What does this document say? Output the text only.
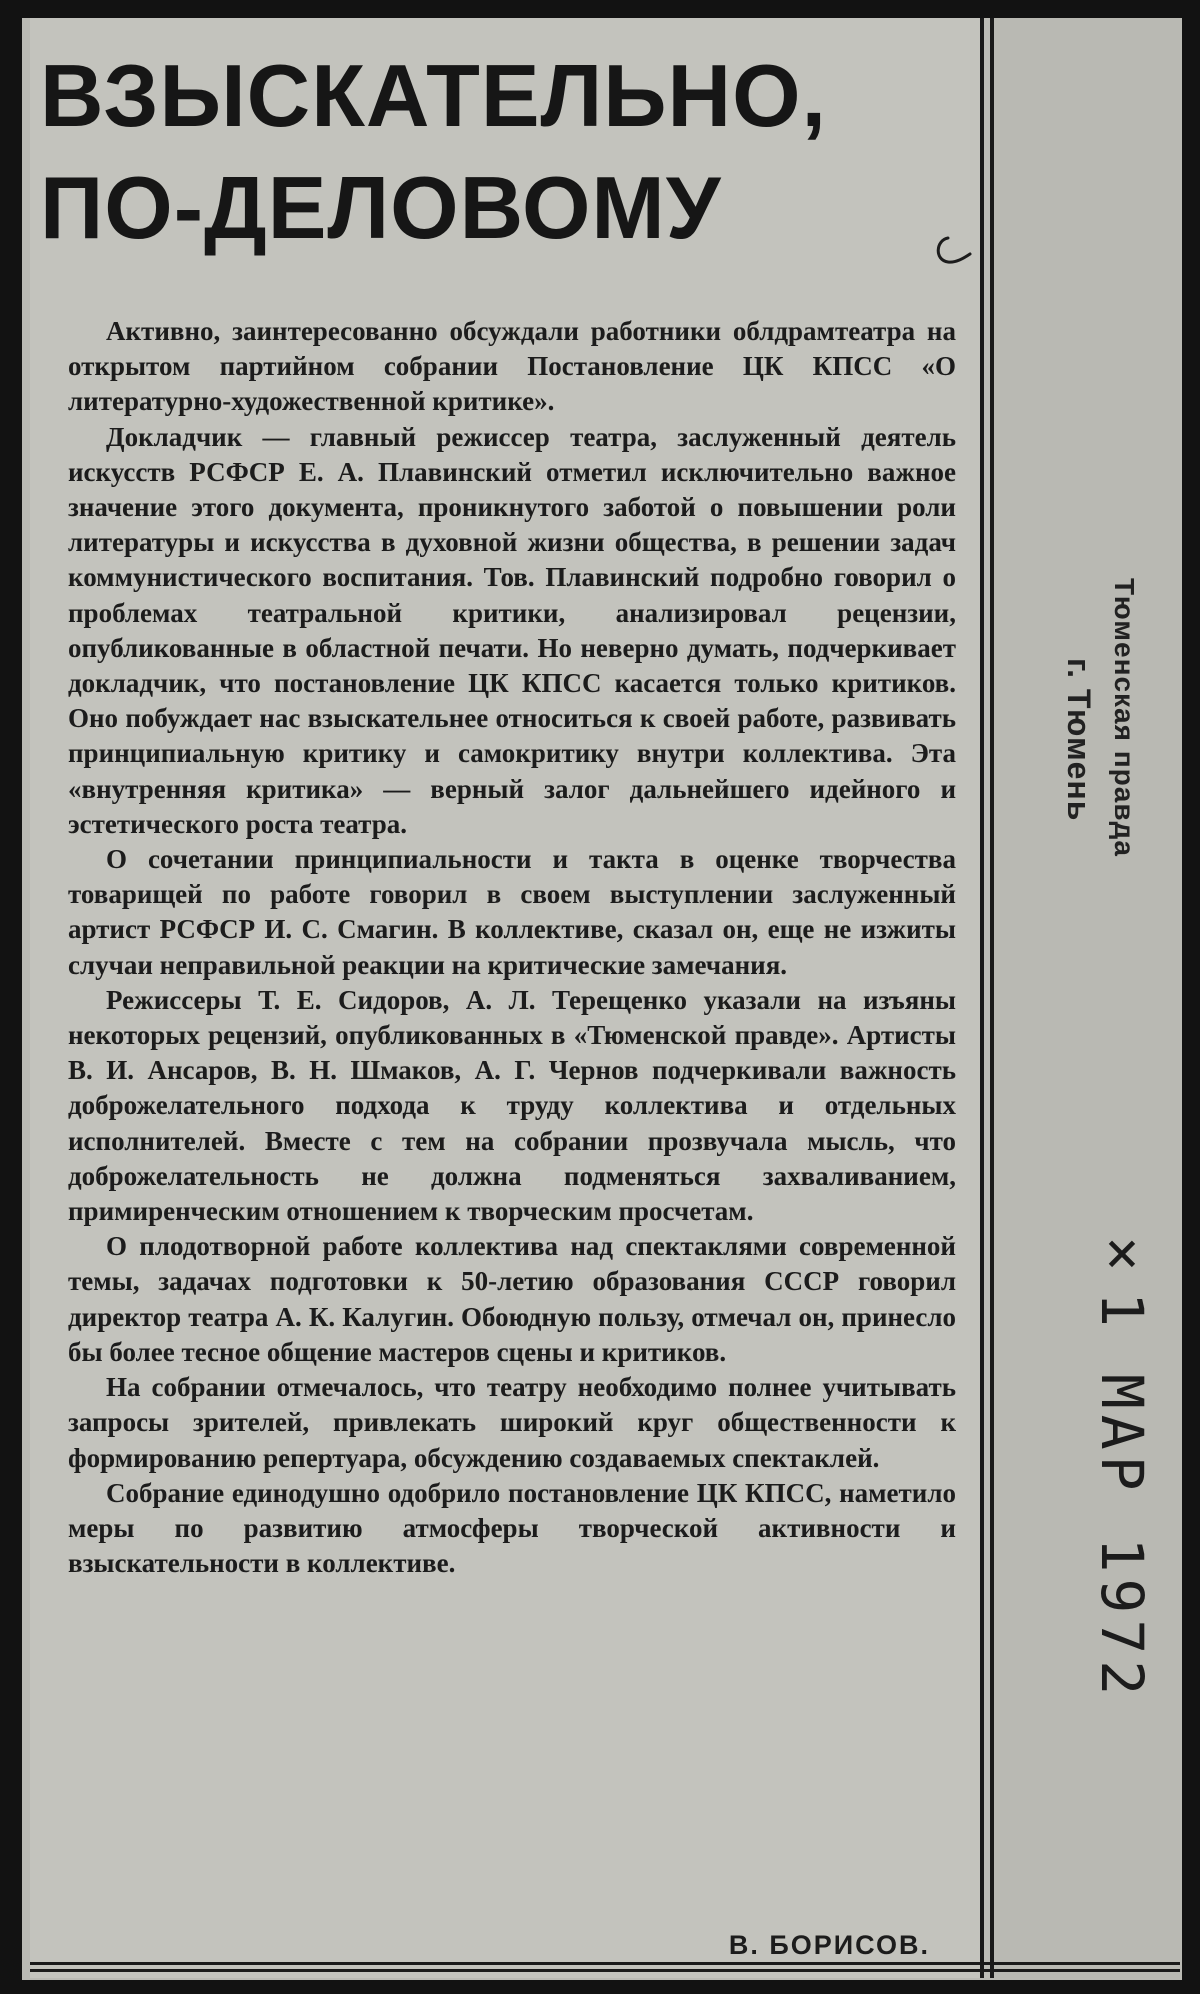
ВЗЫСКАТЕЛЬНО,
ПО-ДЕЛОВОМУ

Активно, заинтересованно обсуждали работники облдрамтеатра на открытом партийном собрании Постановление ЦК КПСС «О литературно-художественной критике».

Докладчик — главный режиссер театра, заслуженный деятель искусств РСФСР Е. А. Плавинский отметил исключительно важное значение этого документа, проникнутого заботой о повышении роли литературы и искусства в духовной жизни общества, в решении задач коммунистического воспитания. Тов. Плавинский подробно говорил о проблемах театральной критики, анализировал рецензии, опубликованные в областной печати. Но неверно думать, подчеркивает докладчик, что постановление ЦК КПСС касается только критиков. Оно побуждает нас взыскательнее относиться к своей работе, развивать принципиальную критику и самокритику внутри коллектива. Эта «внутренняя критика» — верный залог дальнейшего идейного и эстетического роста театра.

О сочетании принципиальности и такта в оценке творчества товарищей по работе говорил в своем выступлении заслуженный артист РСФСР И. С. Смагин. В коллективе, сказал он, еще не изжиты случаи неправильной реакции на критические замечания.

Режиссеры Т. Е. Сидоров, А. Л. Терещенко указали на изъяны некоторых рецензий, опубликованных в «Тюменской правде». Артисты В. И. Ансаров, В. Н. Шмаков, А. Г. Чернов подчеркивали важность доброжелательного подхода к труду коллектива и отдельных исполнителей. Вместе с тем на собрании прозвучала мысль, что доброжелательность не должна подменяться захваливанием, примиренческим отношением к творческим просчетам.

О плодотворной работе коллектива над спектаклями современной темы, задачах подготовки к 50-летию образования СССР говорил директор театра А. К. Калугин. Обоюдную пользу, отмечал он, принесло бы более тесное общение мастеров сцены и критиков.

На собрании отмечалось, что театру необходимо полнее учитывать запросы зрителей, привлекать широкий круг общественности к формированию репертуара, обсуждению создаваемых спектаклей.

Собрание единодушно одобрило постановление ЦК КПСС, наметило меры по развитию атмосферы творческой активности и взыскательности в коллективе.

В. БОРИСОВ.
Тюменская правда
г. Тюмень
×1 МАР 1972
